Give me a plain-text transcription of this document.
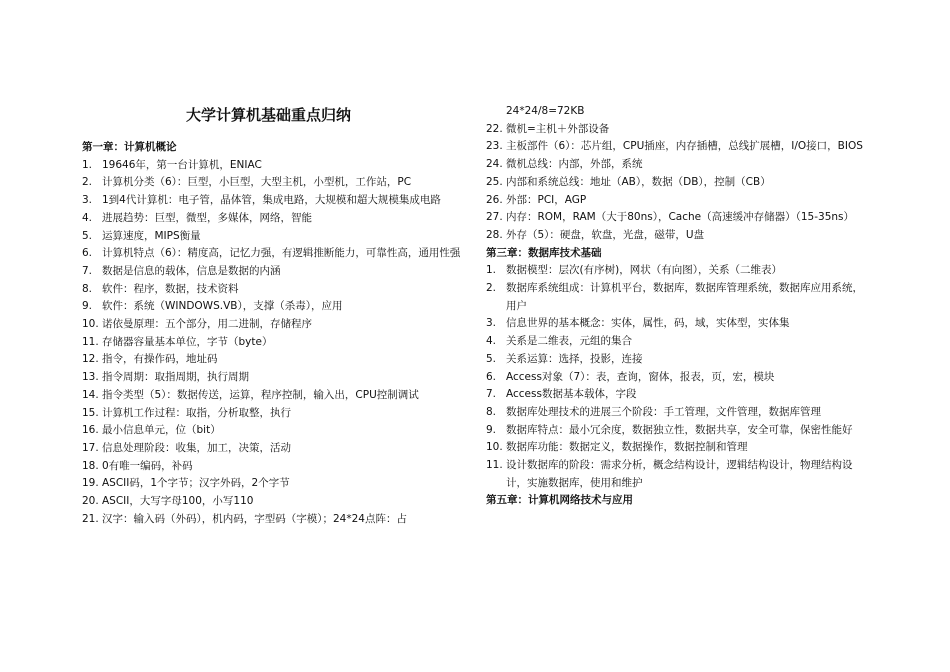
大学计算机基础重点归纳
第一章：计算机概论
1. 19646年，第一台计算机，ENIAC
2. 计算机分类（6）：巨型，小巨型，大型主机，小型机，工作站，PC
3. 1到4代计算机：电子管，晶体管，集成电路，大规模和超大规模集成电路
4. 进展趋势：巨型，微型，多媒体，网络，智能
5. 运算速度，MIPS衡量
6. 计算机特点（6）：精度高，记忆力强，有逻辑推断能力，可靠性高，通用性强
7. 数据是信息的载体，信息是数据的内涵
8. 软件：程序，数据，技术资料
9. 软件：系统（WINDOWS.VB），支撑（杀毒），应用
10. 诺依曼原理：五个部分，用二进制，存储程序
11. 存储器容量基本单位，字节（byte）
12. 指令，有操作码，地址码
13. 指令周期：取指周期，执行周期
14. 指令类型（5）：数据传送，运算，程序控制，输入出，CPU控制调试
15. 计算机工作过程：取指，分析取整，执行
16. 最小信息单元，位（bit）
17. 信息处理阶段：收集，加工，决策，活动
18. 0有唯一编码，补码
19. ASCII码，1个字节；汉字外码，2个字节
20. ASCII，大写字母100，小写110
21. 汉字：输入码（外码），机内码，字型码（字模）；24*24点阵：占
24*24/8=72KB
22. 微机=主机＋外部设备
23. 主板部件（6）：芯片组，CPU插座，内存插槽，总线扩展槽，I/O接口，BIOS
24. 微机总线：内部，外部，系统
25. 内部和系统总线：地址（AB），数据（DB），控制（CB）
26. 外部：PCI，AGP
27. 内存：ROM，RAM（大于80ns），Cache（高速缓冲存储器）（15-35ns）
28. 外存（5）：硬盘，软盘，光盘，磁带，U盘
第三章：数据库技术基础
1. 数据模型：层次(有序树)，网状（有向图），关系（二维表）
2. 数据库系统组成：计算机平台，数据库，数据库管理系统，数据库应用系统，用户
3. 信息世界的基本概念：实体，属性，码，域，实体型，实体集
4. 关系是二维表，元组的集合
5. 关系运算：选择，投影，连接
6. Access对象（7）：表，查询，窗体，报表，页，宏，模块
7. Access数据基本载体，字段
8. 数据库处理技术的进展三个阶段：手工管理，文件管理，数据库管理
9. 数据库特点：最小冗余度，数据独立性，数据共享，安全可靠，保密性能好
10. 数据库功能：数据定义，数据操作，数据控制和管理
11. 设计数据库的阶段：需求分析，概念结构设计，逻辑结构设计，物理结构设计，实施数据库，使用和维护
第五章：计算机网络技术与应用
